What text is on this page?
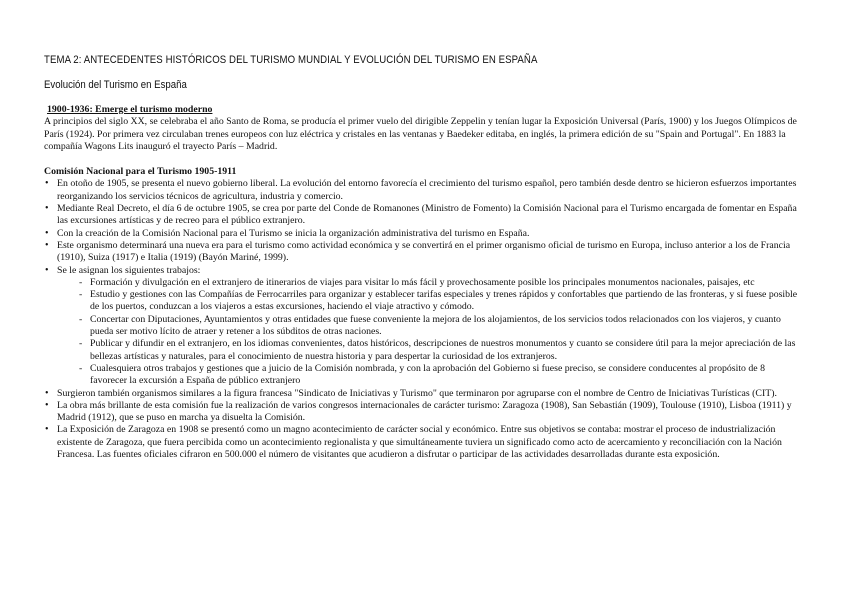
TEMA 2: ANTECEDENTES HISTÓRICOS DEL TURISMO MUNDIAL Y EVOLUCIÓN DEL TURISMO EN ESPAÑA
Evolución del Turismo en España

1900-1936: Emerge el turismo moderno

A principios del siglo XX, se celebraba el año Santo de Roma, se producía el primer vuelo del dirigible Zeppelin y tenían lugar la Exposición Universal (París, 1900) y los Juegos Olímpicos de París (1924). Por primera vez circulaban trenes europeos con luz eléctrica y cristales en las ventanas y Baedeker editaba, en inglés, la primera edición de su "Spain and Portugal". En 1883 la compañía Wagons Lits inauguró el trayecto París – Madrid.

Comisión Nacional para el Turismo 1905-1911

• En otoño de 1905, se presenta el nuevo gobierno liberal. La evolución del entorno favorecía el crecimiento del turismo español, pero también desde dentro se hicieron esfuerzos importantes reorganizando los servicios técnicos de agricultura, industria y comercio.
• Mediante Real Decreto, el día 6 de octubre 1905, se crea por parte del Conde de Romanones (Ministro de Fomento) la Comisión Nacional para el Turismo encargada de fomentar en España las excursiones artísticas y de recreo para el público extranjero.
• Con la creación de la Comisión Nacional para el Turismo se inicia la organización administrativa del turismo en España.
• Este organismo determinará una nueva era para el turismo como actividad económica y se convertirá en el primer organismo oficial de turismo en Europa, incluso anterior a los de Francia (1910), Suiza (1917) e Italia (1919) (Bayón Mariné, 1999).
• Se le asignan los siguientes trabajos:
- Formación y divulgación en el extranjero de itinerarios de viajes para visitar lo más fácil y provechosamente posible los principales monumentos nacionales, paisajes, etc
- Estudio y gestiones con las Compañías de Ferrocarriles para organizar y establecer tarifas especiales y trenes rápidos y confortables que partiendo de las fronteras, y si fuese posible de los puertos, conduzcan a los viajeros a estas excursiones, haciendo el viaje atractivo y cómodo.
- Concertar con Diputaciones, Ayuntamientos y otras entidades que fuese conveniente la mejora de los alojamientos, de los servicios todos relacionados con los viajeros, y cuanto pueda ser motivo lícito de atraer y retener a los súbditos de otras naciones.
- Publicar y difundir en el extranjero, en los idiomas convenientes, datos históricos, descripciones de nuestros monumentos y cuanto se considere útil para la mejor apreciación de las bellezas artísticas y naturales, para el conocimiento de nuestra historia y para despertar la curiosidad de los extranjeros.
- Cualesquiera otros trabajos y gestiones que a juicio de la Comisión nombrada, y con la aprobación del Gobierno si fuese preciso, se considere conducentes al propósito de 8 favorecer la excursión a España de público extranjero
• Surgieron también organismos similares a la figura francesa "Sindicato de Iniciativas y Turismo" que terminaron por agruparse con el nombre de Centro de Iniciativas Turísticas (CIT).
• La obra más brillante de esta comisión fue la realización de varios congresos internacionales de carácter turismo: Zaragoza (1908), San Sebastián (1909), Toulouse (1910), Lisboa (1911) y Madrid (1912), que se puso en marcha ya disuelta la Comisión.
• La Exposición de Zaragoza en 1908 se presentó como un magno acontecimiento de carácter social y económico. Entre sus objetivos se contaba: mostrar el proceso de industrialización existente de Zaragoza, que fuera percibida como un acontecimiento regionalista y que simultáneamente tuviera un significado como acto de acercamiento y reconciliación con la Nación Francesa. Las fuentes oficiales cifraron en 500.000 el número de visitantes que acudieron a disfrutar o participar de las actividades desarrolladas durante esta exposición.
